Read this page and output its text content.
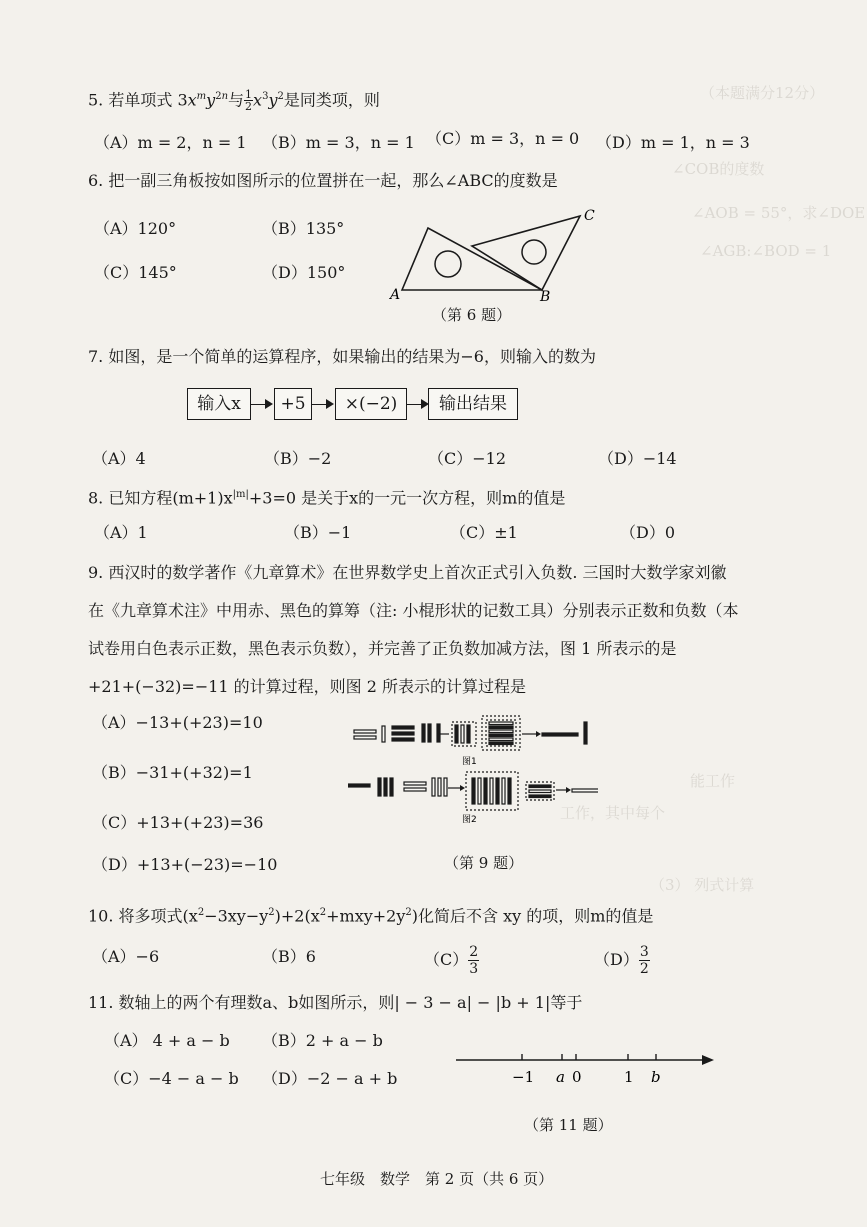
（本题满分12分）
∠COB的度数
∠AOB = 55°，求∠DOE
∠AGB:∠BOD = 1
能工作
（3） 列式计算
工作，其中每个
5. 若单项式 $3x^my^{2n}$与 $\frac{1}{2} x^3y^2$是同类项，则
（A）m = 2，n = 1 （B）m = 3，n = 1 （C）m = 3，n = 0 （D）m = 1，n = 3
6. 把一副三角板按如图所示的位置拼在一起，那么∠ABC的度数是
（A）120°	（B）135°
（C）145°	（D）150°
A	B
C
（第 6 题）
7. 如图，是一个简单的运算程序，如果输出的结果为−6，则输入的数为
输入x	+5	×(−2)	输出结果
（A）4	（B）−2	（C）−12	（D）−14
8. 已知方程$(m+1)x^{|m|}+3=0$ 是关于x的一元一次方程，则m的值是
（A）1	（B）−1	（C）±1	（D）0
9. 西汉时的数学著作《九章算术》在世界数学史上首次正式引入负数. 三国时大数学家刘徽
在《九章算术注》中用赤、黑色的算筹（注: 小棍形状的记数工具）分别表示正数和负数（本
试卷用白色表示正数，黑色表示负数），并完善了正负数加减方法，图 1 所表示的是
+21+(−32)=−11 的计算过程，则图 2 所表示的计算过程是
（A）−13+(+23)=10
（B）−31+(+32)=1
（C）+13+(+23)=36
（D）+13+(−23)=−10
图1
图2
（第 9 题）
10. 将多项式$(x^2-3xy-y^2)+2(x^2+mxy+2y^2)$化简后不含 xy 的项，则m的值是
（A）−6	（B）6	$(C) \frac{2}{3}$	$(D) \frac{3}{2}$
11. 数轴上的两个有理数a、b如图所示，则| − 3 − a| − |b + 1|等于
（A） 4 + a − b （B）2 + a − b
（C）−4 − a − b （D）−2 − a + b	−1 a 0	1 b
（第 11 题）
七年级　数学　第 2 页（共 6 页）
